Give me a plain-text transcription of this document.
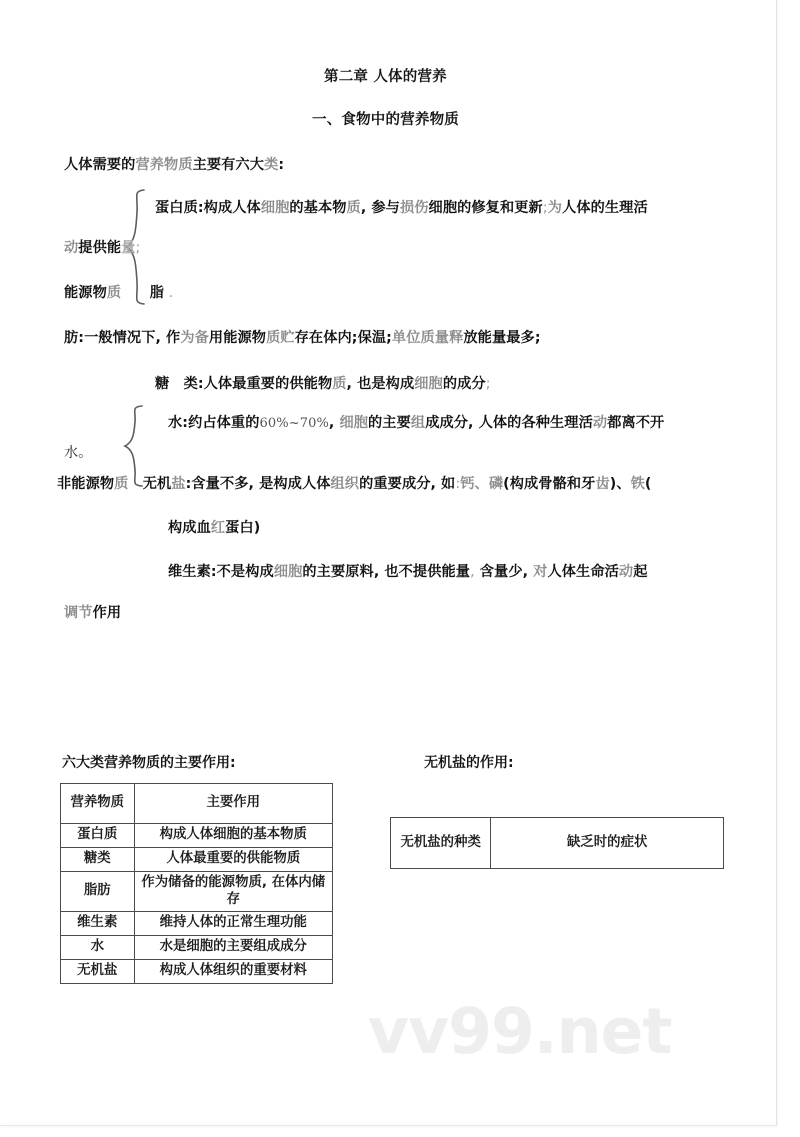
第二章 人体的营养
一、食物中的营养物质
人体需要的营养物质主要有六大类:
蛋白质:构成人体细胞的基本物质, 参与损伤细胞的修复和更新;为人体的生理活
动提供能量;
能源物质　　脂 .
肪:一般情况下, 作为备用能源物质贮存在体内;保温;单位质量释放能量最多;
糖　类:人体最重要的供能物质, 也是构成细胞的成分;
水:约占体重的60%~70%, 细胞的主要组成成分, 人体的各种生理活动都离不开
水。
非能源物质　无机盐:含量不多, 是构成人体组织的重要成分, 如:钙、磷(构成骨骼和牙齿)、铁(
构成血红蛋白)
维生素:不是构成细胞的主要原料, 也不提供能量, 含量少, 对人体生命活动起
调节作用
六大类营养物质的主要作用:	无机盐的作用:
营养物质	主要作用
蛋白质	构成人体细胞的基本物质
糖类	人体最重要的供能物质
脂肪	作为储备的能源物质, 在体内储存
维生素	维持人体的正常生理功能
水	水是细胞的主要组成成分
无机盐	构成人体组织的重要材料
无机盐的种类	缺乏时的症状
vv99.net
